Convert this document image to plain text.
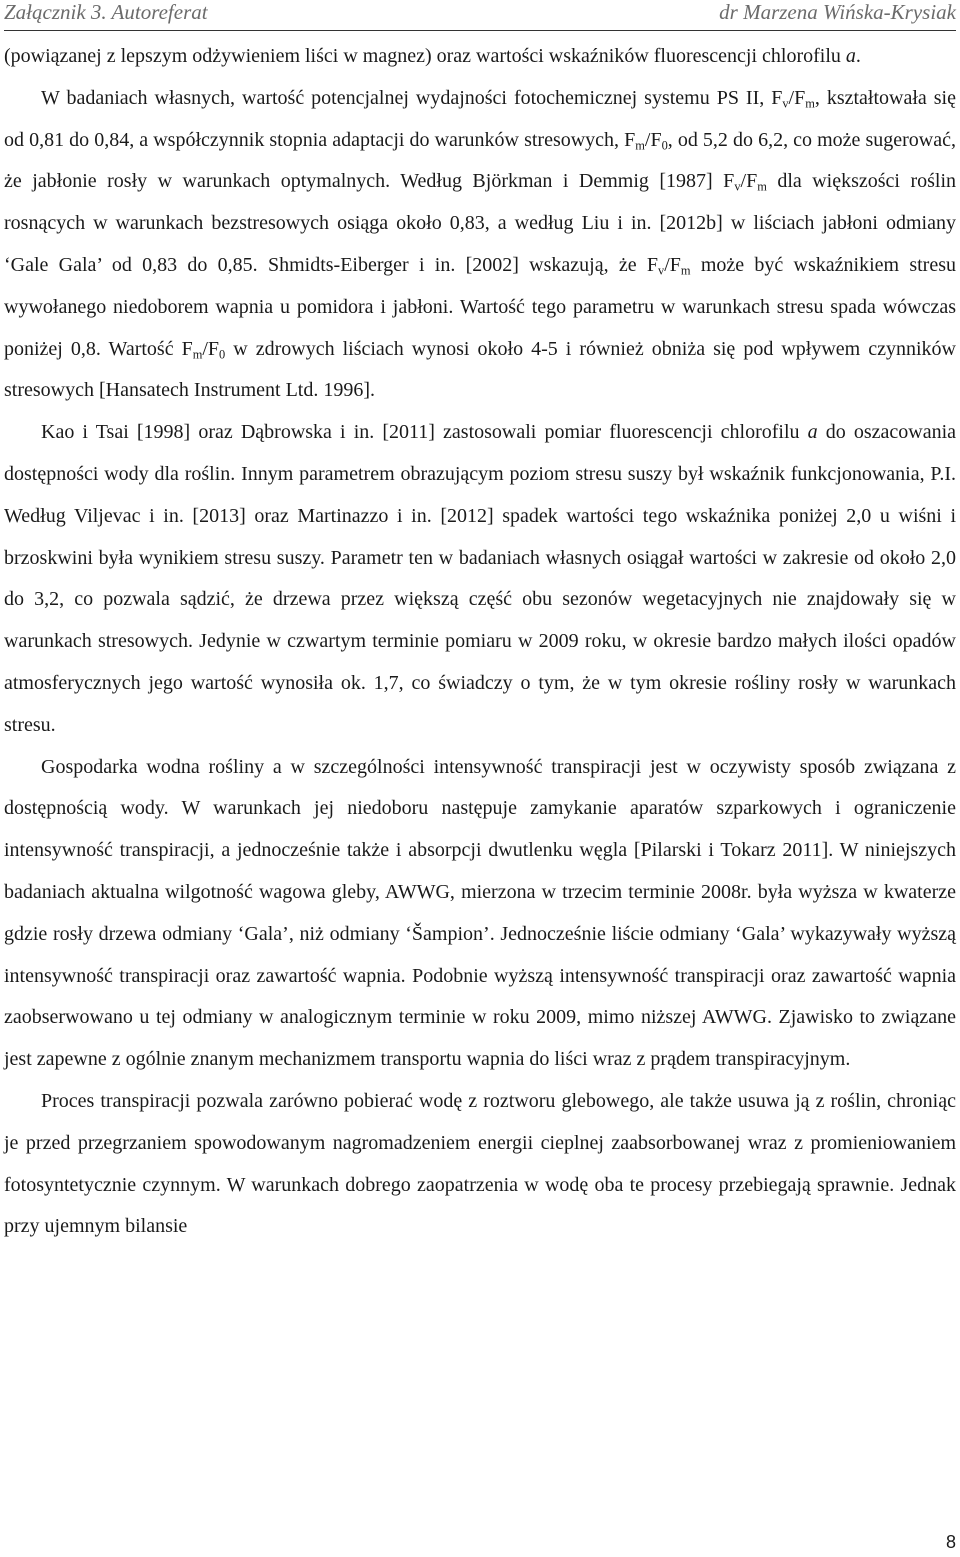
Załącznik 3. Autoreferat	dr Marzena Wińska-Krysiak

(powiązanej z lepszym odżywieniem liści w magnez) oraz wartości wskaźników fluorescencji chlorofilu a.

W badaniach własnych, wartość potencjalnej wydajności fotochemicznej systemu PS II, $F_v/F_m$, kształtowała się od 0,81 do 0,84, a współczynnik stopnia adaptacji do warunków stresowych, $F_m/F_0$, od 5,2 do 6,2, co może sugerować, że jabłonie rosły w warunkach optymalnych. Według Björkman i Demmig [1987] $F_v/F_m$ dla większości roślin rosnących w warunkach bezstresowych osiąga około 0,83, a według Liu i in. [2012b] w liściach jabłoni odmiany ‘Gale Gala’ od 0,83 do 0,85. Shmidts-Eiberger i in. [2002] wskazują, że $F_v/F_m$ może być wskaźnikiem stresu wywołanego niedoborem wapnia u pomidora i jabłoni. Wartość tego parametru w warunkach stresu spada wówczas poniżej 0,8. Wartość $F_m/F_0$ w zdrowych liściach wynosi około 4-5 i również obniża się pod wpływem czynników stresowych [Hansatech Instrument Ltd. 1996].

Kao i Tsai [1998] oraz Dąbrowska i in. [2011] zastosowali pomiar fluorescencji chlorofilu a do oszacowania dostępności wody dla roślin. Innym parametrem obrazującym poziom stresu suszy był wskaźnik funkcjonowania, P.I. Według Viljevac i in. [2013] oraz Martinazzo i in. [2012] spadek wartości tego wskaźnika poniżej 2,0 u wiśni i brzoskwini była wynikiem stresu suszy. Parametr ten w badaniach własnych osiągał wartości w zakresie od około 2,0 do 3,2, co pozwala sądzić, że drzewa przez większą część obu sezonów wegetacyjnych nie znajdowały się w warunkach stresowych. Jedynie w czwartym terminie pomiaru w 2009 roku, w okresie bardzo małych ilości opadów atmosferycznych jego wartość wynosiła ok. 1,7, co świadczy o tym, że w tym okresie rośliny rosły w warunkach stresu.

Gospodarka wodna rośliny a w szczególności intensywność transpiracji jest w oczywisty sposób związana z dostępnością wody. W warunkach jej niedoboru następuje zamykanie aparatów szparkowych i ograniczenie intensywność transpiracji, a jednocześnie także i absorpcji dwutlenku węgla [Pilarski i Tokarz 2011]. W niniejszych badaniach aktualna wilgotność wagowa gleby, AWWG, mierzona w trzecim terminie 2008r. była wyższa w kwaterze gdzie rosły drzewa odmiany ‘Gala’, niż odmiany ‘Šampion’. Jednocześnie liście odmiany ‘Gala’ wykazywały wyższą intensywność transpiracji oraz zawartość wapnia. Podobnie wyższą intensywność transpiracji oraz zawartość wapnia zaobserwowano u tej odmiany w analogicznym terminie w roku 2009, mimo niższej AWWG. Zjawisko to związane jest zapewne z ogólnie znanym mechanizmem transportu wapnia do liści wraz z prądem transpiracyjnym.

Proces transpiracji pozwala zarówno pobierać wodę z roztworu glebowego, ale także usuwa ją z roślin, chroniąc je przed przegrzaniem spowodowanym nagromadzeniem energii cieplnej zaabsorbowanej wraz z promieniowaniem fotosyntetycznie czynnym. W warunkach dobrego zaopatrzenia w wodę oba te procesy przebiegają sprawnie. Jednak przy ujemnym bilansie

8
